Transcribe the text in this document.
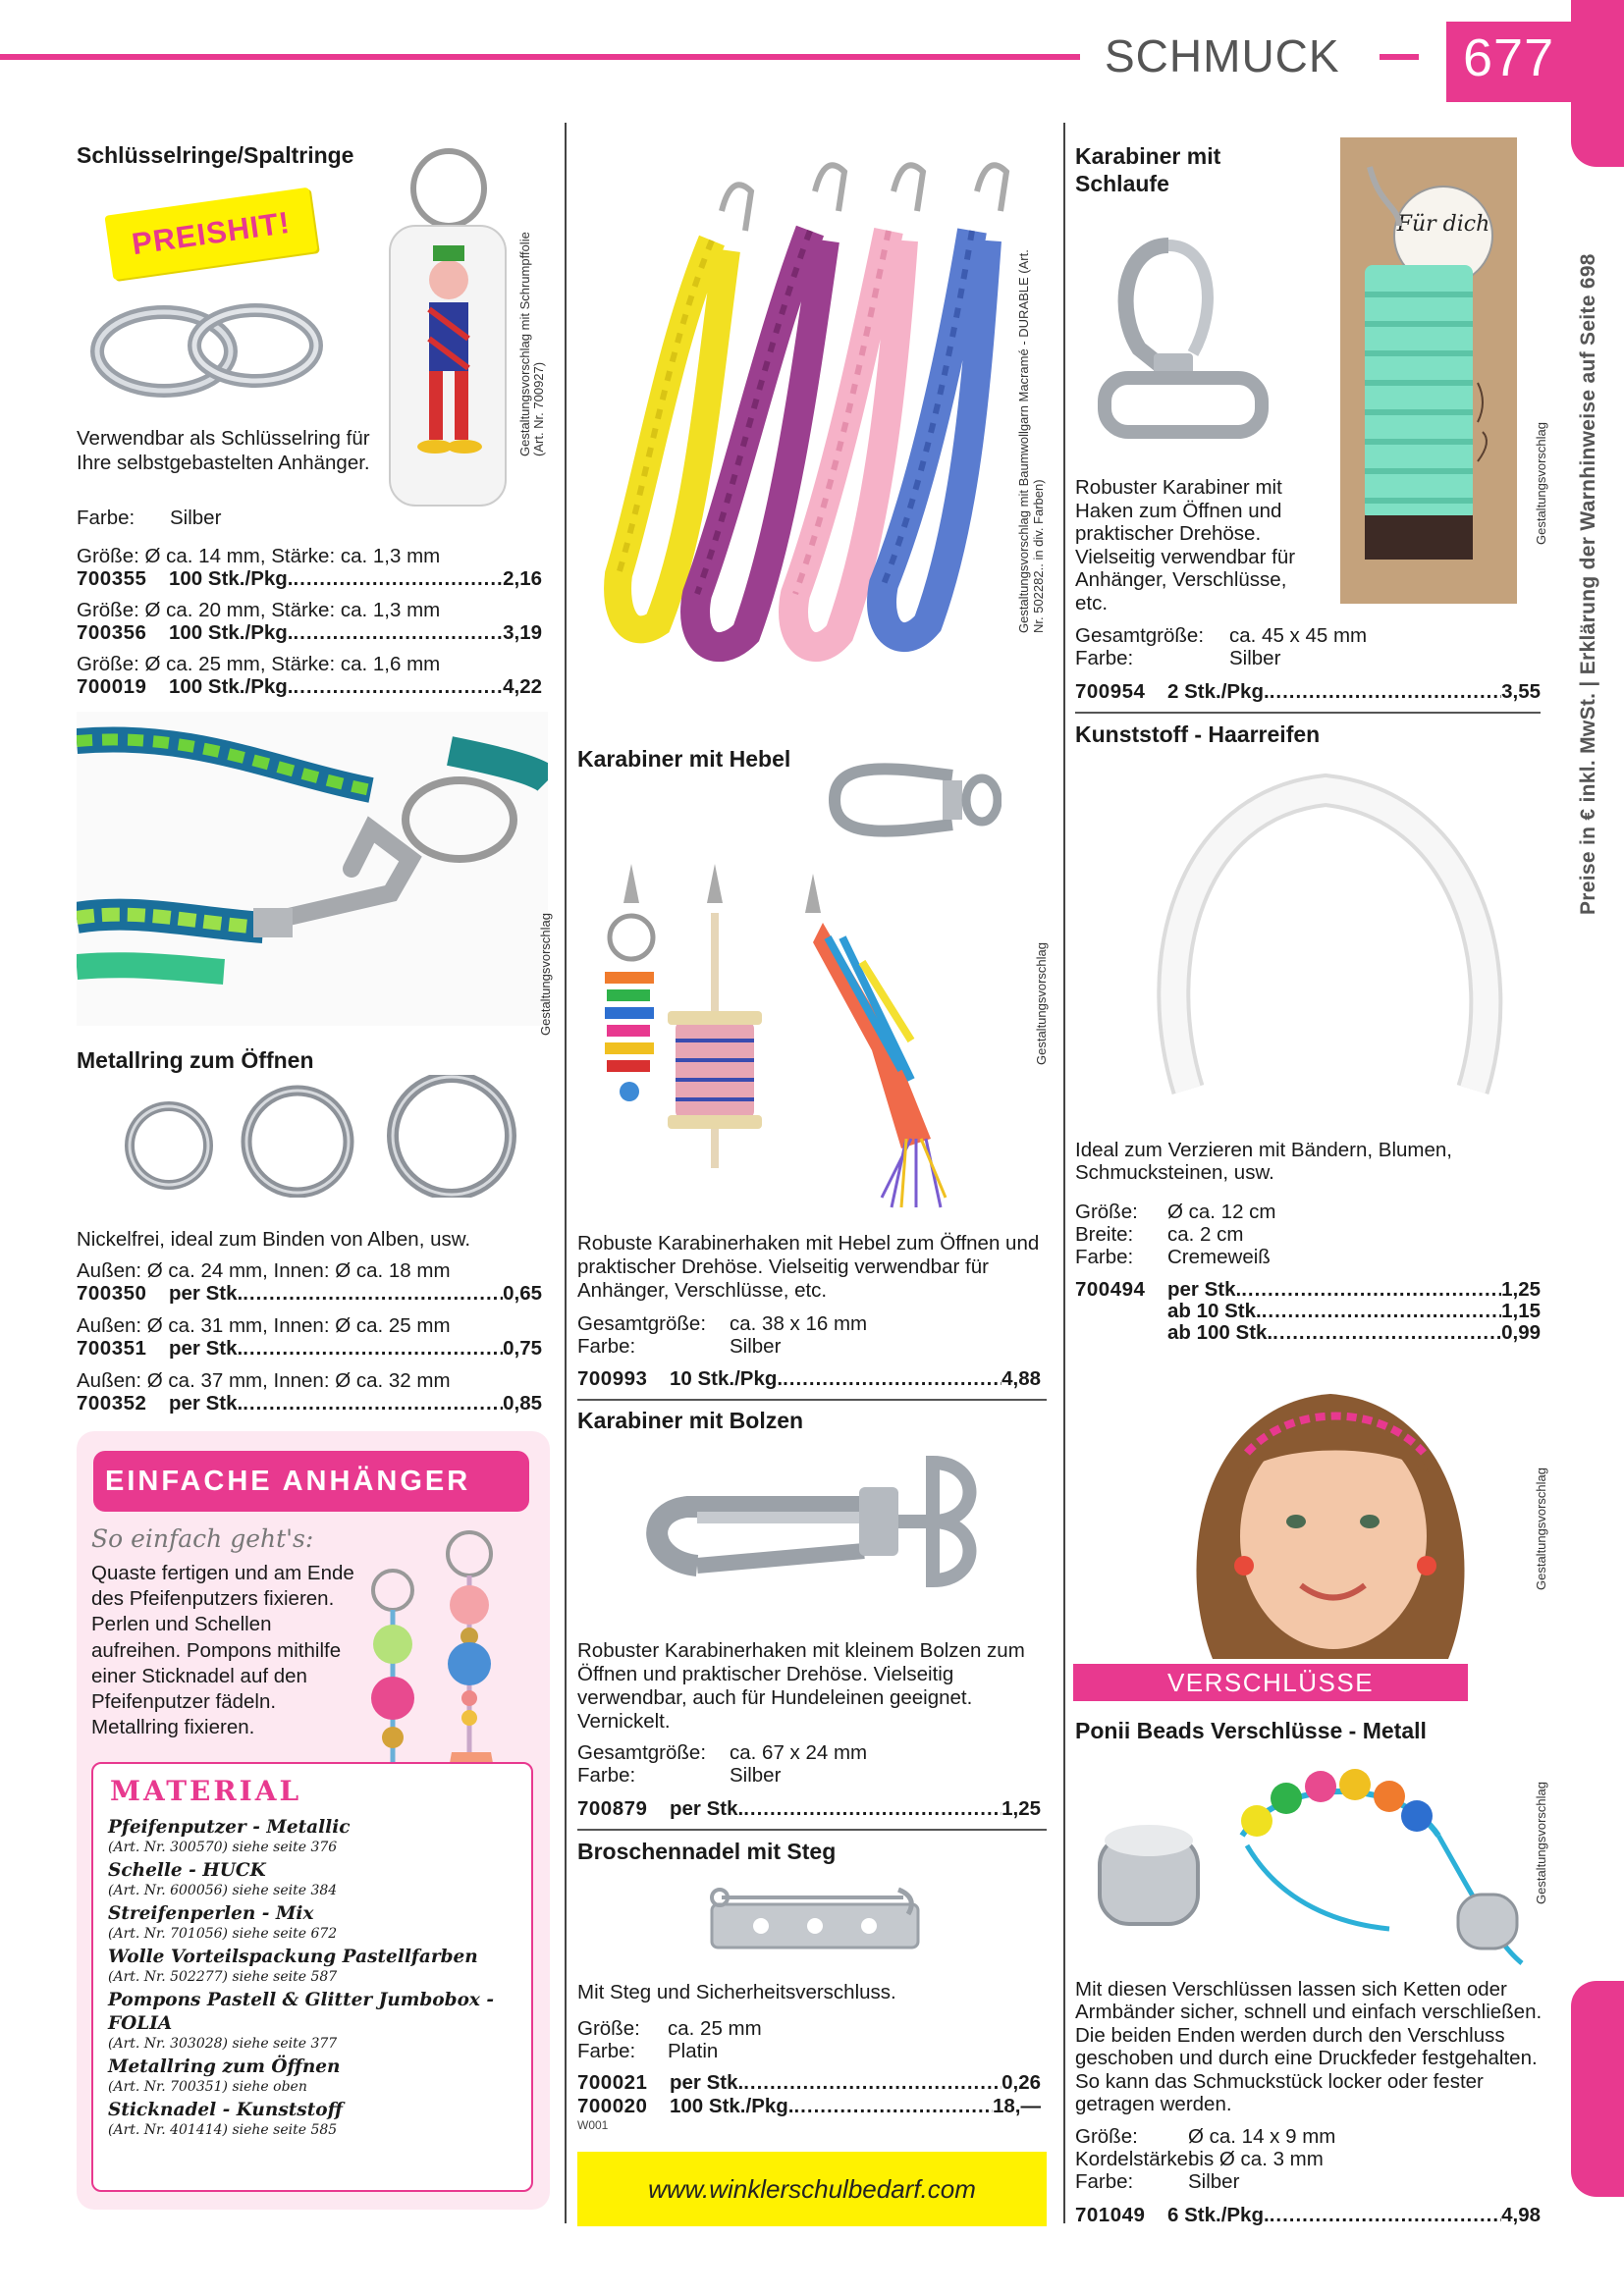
SCHMUCK 677
Preise in € inkl. MwSt. | Erklärung der Warnhinweise auf Seite 698
Schlüsselringe/Spaltringe
PREISHIT!	Gestaltungsvorschlag mit Schrumpffolie (Art. Nr. 700927)
Verwendbar als Schlüsselring für Ihre selbstgebastelten Anhänger.
Farbe:	Silber
Größe: Ø ca. 14 mm, Stärke: ca. 1,3 mm
700355	100 Stk./Pkg. .....	2,16
Größe: Ø ca. 20 mm, Stärke: ca. 1,3 mm
700356	100 Stk./Pkg. .....	3,19
Größe: Ø ca. 25 mm, Stärke: ca. 1,6 mm
700019	100 Stk./Pkg. .....	4,22
Gestaltungsvorschlag
Metallring zum Öffnen
Nickelfrei, ideal zum Binden von Alben, usw.
Außen: Ø ca. 24 mm, Innen: Ø ca. 18 mm
700350	per Stk. .....	0,65
Außen: Ø ca. 31 mm, Innen: Ø ca. 25 mm
700351	per Stk. .....	0,75
Außen: Ø ca. 37 mm, Innen: Ø ca. 32 mm
700352	per Stk. .....	0,85
EINFACHE ANHÄNGER
So einfach geht's:
Quaste fertigen und am Ende des Pfeifenputzers fixieren. Perlen und Schellen aufreihen. Pompons mithilfe einer Sticknadel auf den Pfeifenputzer fädeln. Metallring fixieren.
MATERIAL
Pfeifenputzer - Metallic
(Art. Nr. 300570) siehe seite 376
Schelle - HUCK
(Art. Nr. 600056) siehe seite 384
Streifenperlen - Mix
(Art. Nr. 701056) siehe seite 672
Wolle Vorteilspackung Pastellfarben
(Art. Nr. 502277) siehe seite 587
Pompons Pastell & Glitter Jumbobox - FOLIA
(Art. Nr. 303028) siehe seite 377
Metallring zum Öffnen
(Art. Nr. 700351) siehe oben
Sticknadel - Kunststoff
(Art. Nr. 401414) siehe seite 585
Gestaltungsvorschlag mit Baumwollgarn Macramé - DURABLE (Art. Nr. 502282.. in div. Farben)
Karabiner mit Hebel
Gestaltungsvorschlag
Robuste Karabinerhaken mit Hebel zum Öffnen und praktischer Drehöse. Vielseitig verwendbar für Anhänger, Verschlüsse, etc.
Gesamtgröße:	ca. 38 x 16 mm
Farbe:	Silber
700993	10 Stk./Pkg. .....	4,88
Karabiner mit Bolzen
Robuster Karabinerhaken mit kleinem Bolzen zum Öffnen und praktischer Drehöse. Vielseitig verwendbar, auch für Hundeleinen geeignet. Vernickelt.
Gesamtgröße:	ca. 67 x 24 mm
Farbe:	Silber
700879	per Stk. .....	1,25
Broschennadel mit Steg
Mit Steg und Sicherheitsverschluss.
Größe:	ca. 25 mm
Farbe:	Platin
700021	per Stk. .....	0,26
700020	100 Stk./Pkg. .....	18,—
W001
www.winklerschulbedarf.com
Karabiner mit Schlaufe
Für dich
Gestaltungsvorschlag
Robuster Karabiner mit Haken zum Öffnen und praktischer Drehöse. Vielseitig verwendbar für Anhänger, Verschlüsse, etc.
Gesamtgröße:	ca. 45 x 45 mm
Farbe:	Silber
700954	2 Stk./Pkg. .....	3,55
Kunststoff - Haarreifen
Ideal zum Verzieren mit Bändern, Blumen, Schmucksteinen, usw.
Größe:	Ø ca. 12 cm
Breite:	ca. 2 cm
Farbe:	Cremeweiß
700494	per Stk. .....	1,25
ab 10 Stk. .....	1,15
ab 100 Stk. .....	0,99
Gestaltungsvorschlag
VERSCHLÜSSE
Ponii Beads Verschlüsse - Metall
Gestaltungsvorschlag
Mit diesen Verschlüssen lassen sich Ketten oder Armbänder sicher, schnell und einfach verschließen. Die beiden Enden werden durch den Verschluss geschoben und durch eine Druckfeder festgehalten. So kann das Schmuckstück locker oder fester getragen werden.
Größe:	Ø ca. 14 x 9 mm
Kordelstärke:
bis Ø ca. 3 mm
Farbe:	Silber
701049	6 Stk./Pkg. .....	4,98
